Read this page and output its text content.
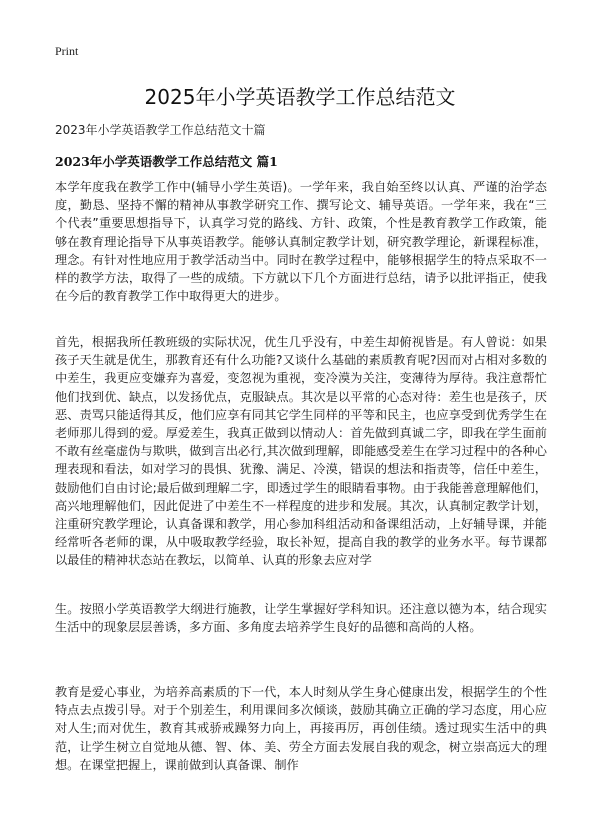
Print
2025年小学英语教学工作总结范文
2023年小学英语教学工作总结范文十篇
2023年小学英语教学工作总结范文 篇1

本学年度我在教学工作中(辅导小学生英语)。一学年来，我自始至终以认真、严谨的治学态度，勤恳、坚持不懈的精神从事教学研究工作、撰写论文、辅导英语。一学年来，我在“三个代表”重要思想指导下，认真学习党的路线、方针、政策，个性是教育教学工作政策，能够在教育理论指导下从事英语教学。能够认真制定教学计划，研究教学理论，新课程标准，理念。有针对性地应用于教学活动当中。同时在教学过程中，能够根据学生的特点采取不一样的教学方法，取得了一些的成绩。下方就以下几个方面进行总结，请予以批评指正，使我在今后的教育教学工作中取得更大的进步。

首先，根据我所任教班级的实际状况，优生几乎没有，中差生却俯视皆是。有人曾说：如果孩子天生就是优生，那教育还有什么功能?又谈什么基础的素质教育呢?因而对占相对多数的中差生，我更应变嫌弃为喜爱，变忽视为重视，变冷漠为关注，变薄待为厚待。我注意帮忙他们找到优、缺点，以发扬优点，克服缺点。其次是以平常的心态对待：差生也是孩子，厌恶、责骂只能适得其反，他们应享有同其它学生同样的平等和民主，也应享受到优秀学生在老师那儿得到的爱。厚爱差生，我真正做到以情动人：首先做到真诚二字，即我在学生面前不敢有丝毫虚伪与欺哄，做到言出必行,其次做到理解，即能感受差生在学习过程中的各种心理表现和看法，如对学习的畏惧、犹豫、满足、冷漠，错误的想法和指责等，信任中差生，鼓励他们自由讨论;最后做到理解二字，即透过学生的眼睛看事物。由于我能善意理解他们，高兴地理解他们，因此促进了中差生不一样程度的进步和发展。其次，认真制定教学计划，注重研究教学理论，认真备课和教学，用心参加科组活动和备课组活动，上好辅导课，并能经常听各老师的课，从中吸取教学经验，取长补短，提高自我的教学的业务水平。每节课都以最佳的精神状态站在教坛，以简单、认真的形象去应对学

生。按照小学英语教学大纲进行施教，让学生掌握好学科知识。还注意以德为本，结合现实生活中的现象层层善诱，多方面、多角度去培养学生良好的品德和高尚的人格。

教育是爱心事业，为培养高素质的下一代，本人时刻从学生身心健康出发，根据学生的个性特点去点拨引导。对于个别差生，利用课间多次倾谈，鼓励其确立正确的学习态度，用心应对人生;而对优生，教育其戒骄戒躁努力向上，再接再厉，再创佳绩。透过现实生活中的典范，让学生树立自觉地从德、智、体、美、劳全方面去发展自我的观念，树立崇高远大的理想。在课堂把握上，课前做到认真备课、制作
